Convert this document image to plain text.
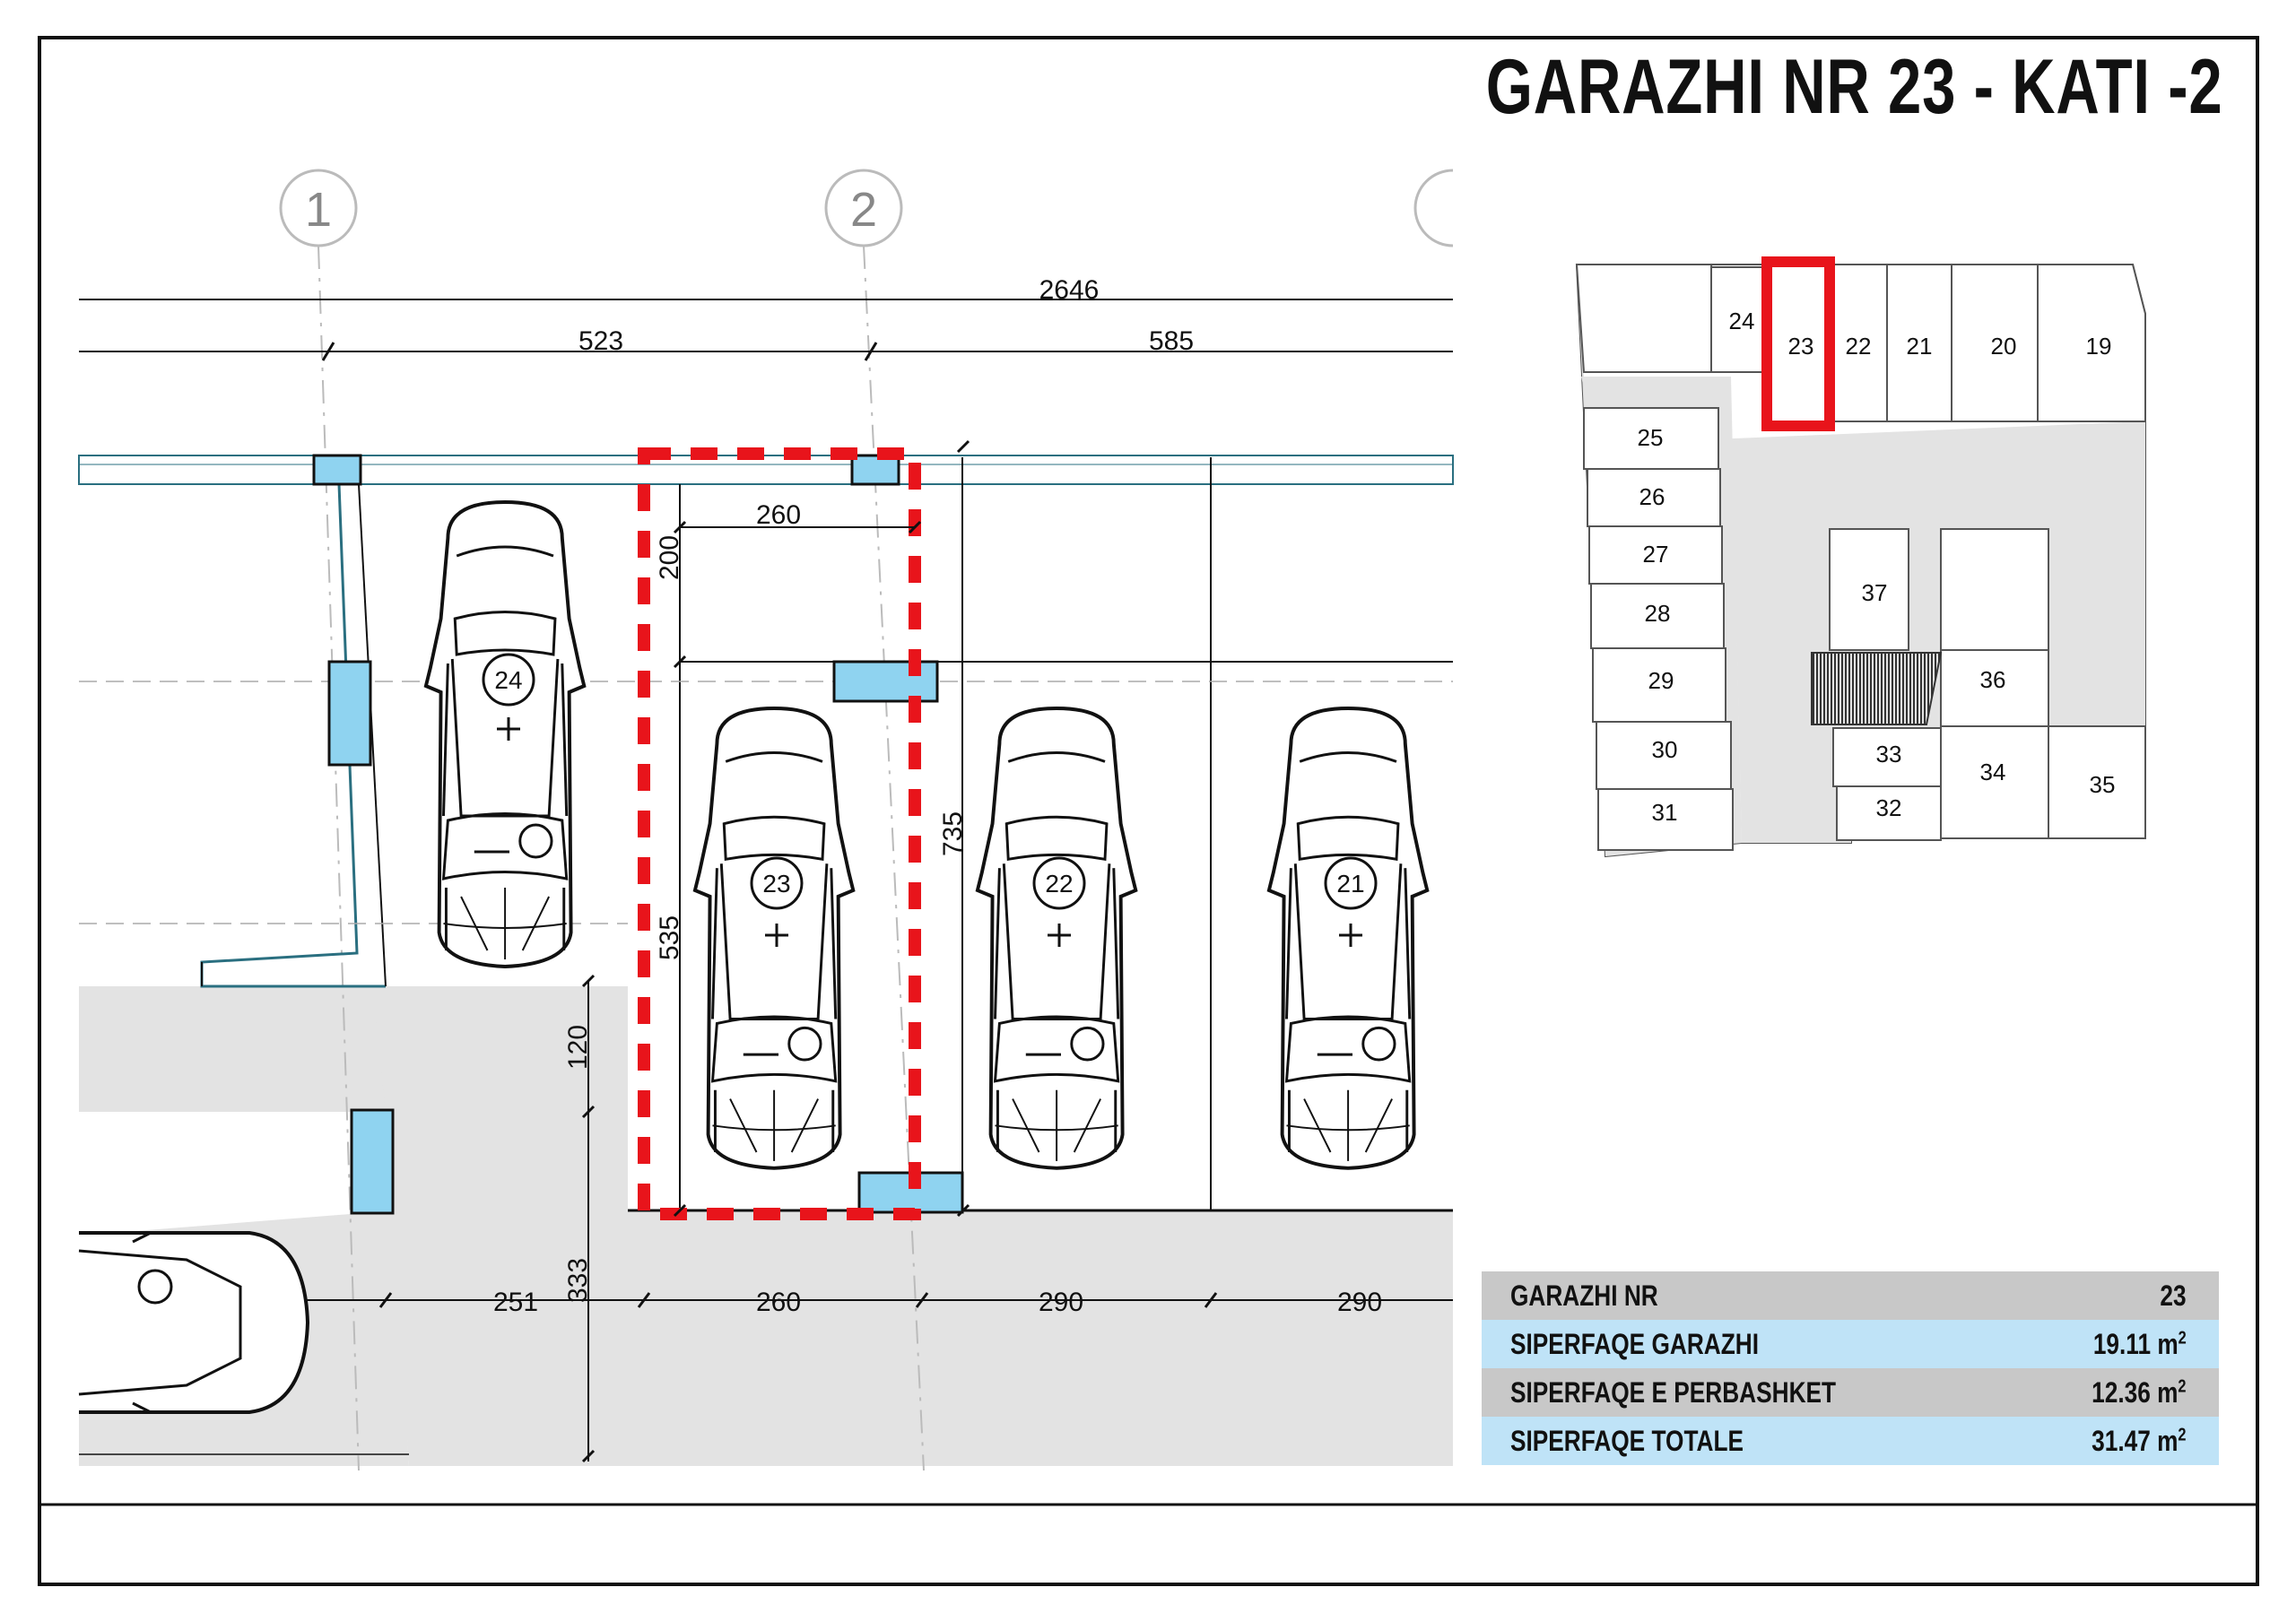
24
23	22	21
2646
523	585
260
251	260	290	290
200
535
735
120
333
1	2
24
23 22 21	20	19
25
26
27
28
29
30
31
37
36
33
32
34	35
GARAZHI NR 23 - KATI -2
GARAZHI NR	23
SIPERFAQE GARAZHI	19.11 $m^2$
SIPERFAQE E PERBASHKET	12.36 $m^2$
SIPERFAQE TOTALE	31.47 $m^2$
